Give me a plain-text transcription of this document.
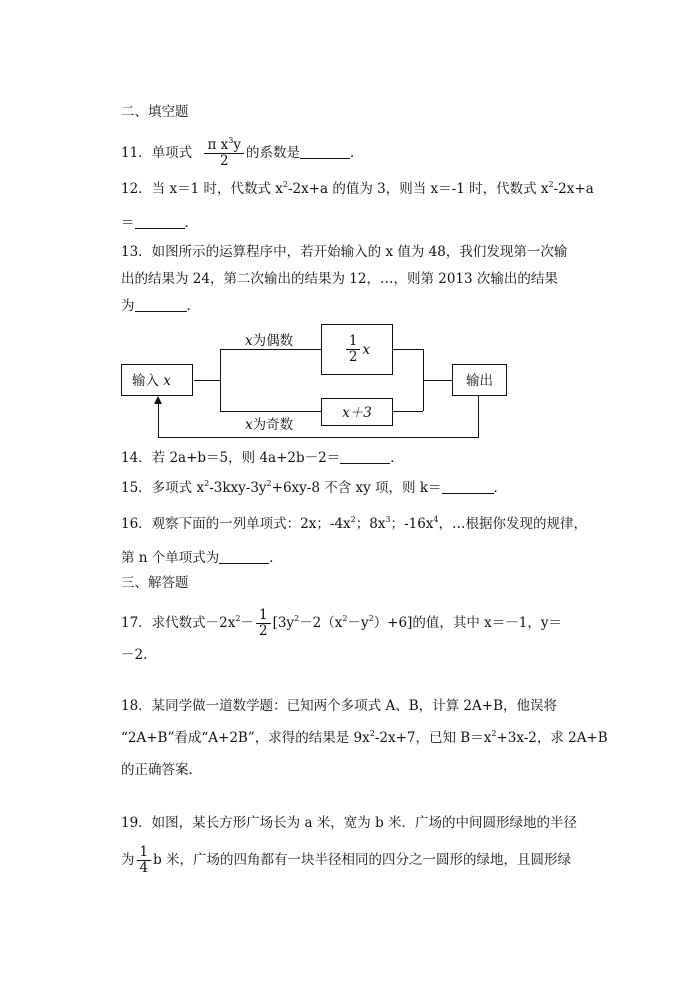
二、填空题
11．单项式 $\frac{\pi x^3y}{2}$ 的系数是	．
12．当 x＝1 时，代数式 $x^2-2x+a$ 的值为 3，则当 x＝-1 时，代数式 $x^2-2x+a$
＝	．
13．如图所示的运算程序中，若开始输入的 x 值为 48，我们发现第一次输
出的结果为 24，第二次输出的结果为 12，…，则第 2013 次输出的结果
为	．
输入 x
$\frac{1}{2}$ x
x＋3
输出
x为偶数
x为奇数
14．若 2a+b＝5，则 4a+2b－2＝	．
15．多项式 $x^2-3kxy-3y^2+6xy-8$ 不含 xy 项，则 k＝	．
16．观察下面的一列单项式：2x；$-4x^2$；$8x^3$；$-16x^4$，…根据你发现的规律，
第 n 个单项式为	．
三、解答题
17．求代数式$-2x^2- \frac{1}{2} [3y^2-2(x^2-y^2)+6]$的值，其中 x＝－1，y＝
－2.
18．某同学做一道数学题：已知两个多项式 A、B，计算 2A+B，他误将
“2A+B”看成“A+2B”，求得的结果是 $9x^2-2x+7$，已知 $B=x^2+3x-2$，求 2A+B
的正确答案.
19．如图，某长方形广场长为 a 米，宽为 b 米．广场的中间圆形绿地的半径
为 $\frac{1}{4}$ b 米，广场的四角都有一块半径相同的四分之一圆形的绿地，且圆形绿
